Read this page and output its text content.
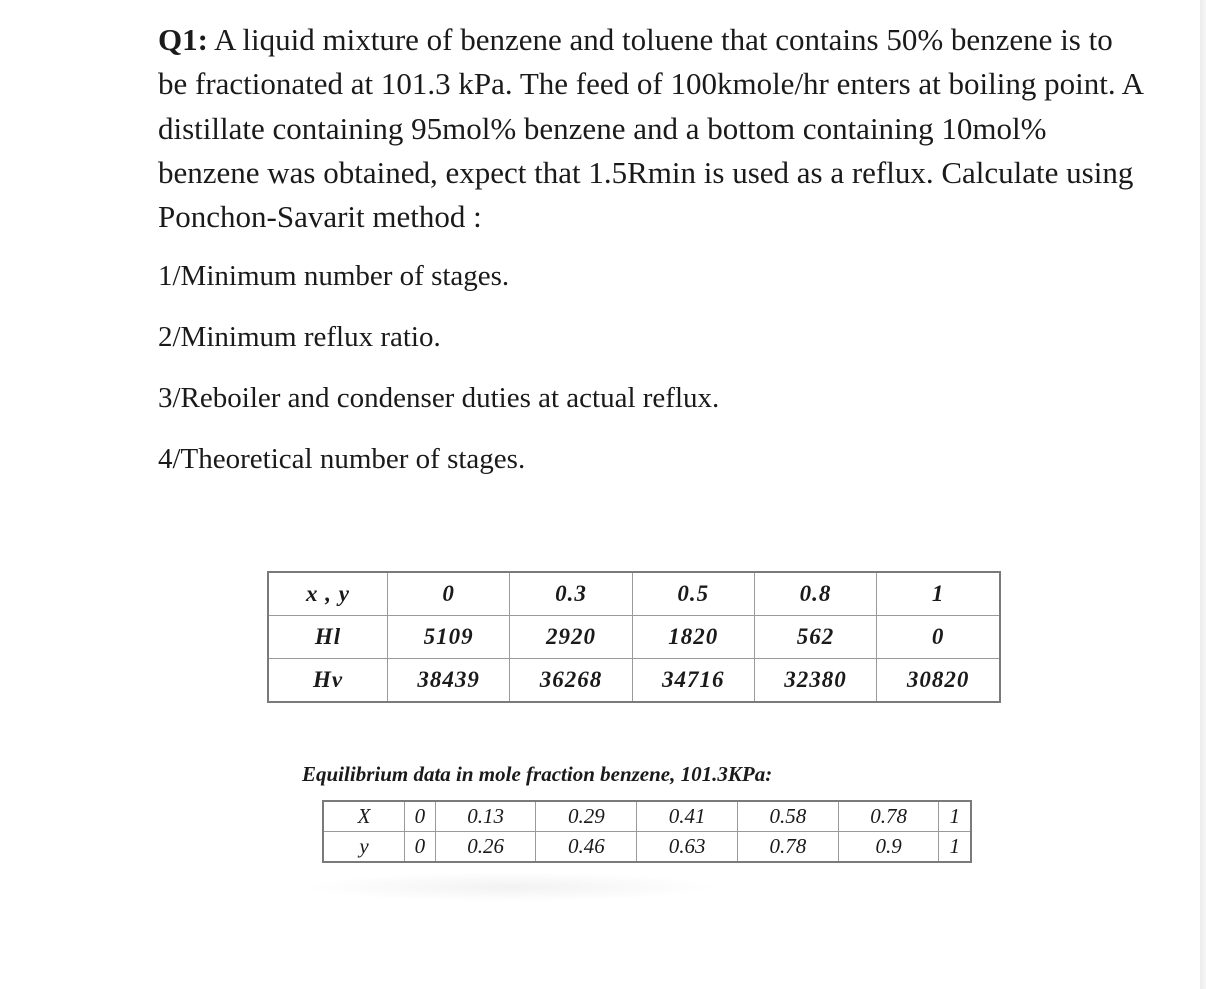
Q1: A liquid mixture of benzene and toluene that contains 50% benzene is to be fractionated at 101.3 kPa. The feed of 100kmole/hr enters at boiling point. A distillate containing 95mol% benzene and a bottom containing 10mol% benzene was obtained, expect that 1.5Rmin is used as a reflux. Calculate using Ponchon-Savarit method :

1/Minimum number of stages.

2/Minimum reflux ratio.

3/Reboiler and condenser duties at actual reflux.

4/Theoretical number of stages.

x , y	0	0.3	0.5	0.8	1
Hl	5109	2920	1820	562	0
Hv	38439	36268	34716	32380	30820

Equilibrium data in mole fraction benzene, 101.3KPa:

X	0	0.13	0.29	0.41	0.58	0.78	1
y	0	0.26	0.46	0.63	0.78	0.9	1
